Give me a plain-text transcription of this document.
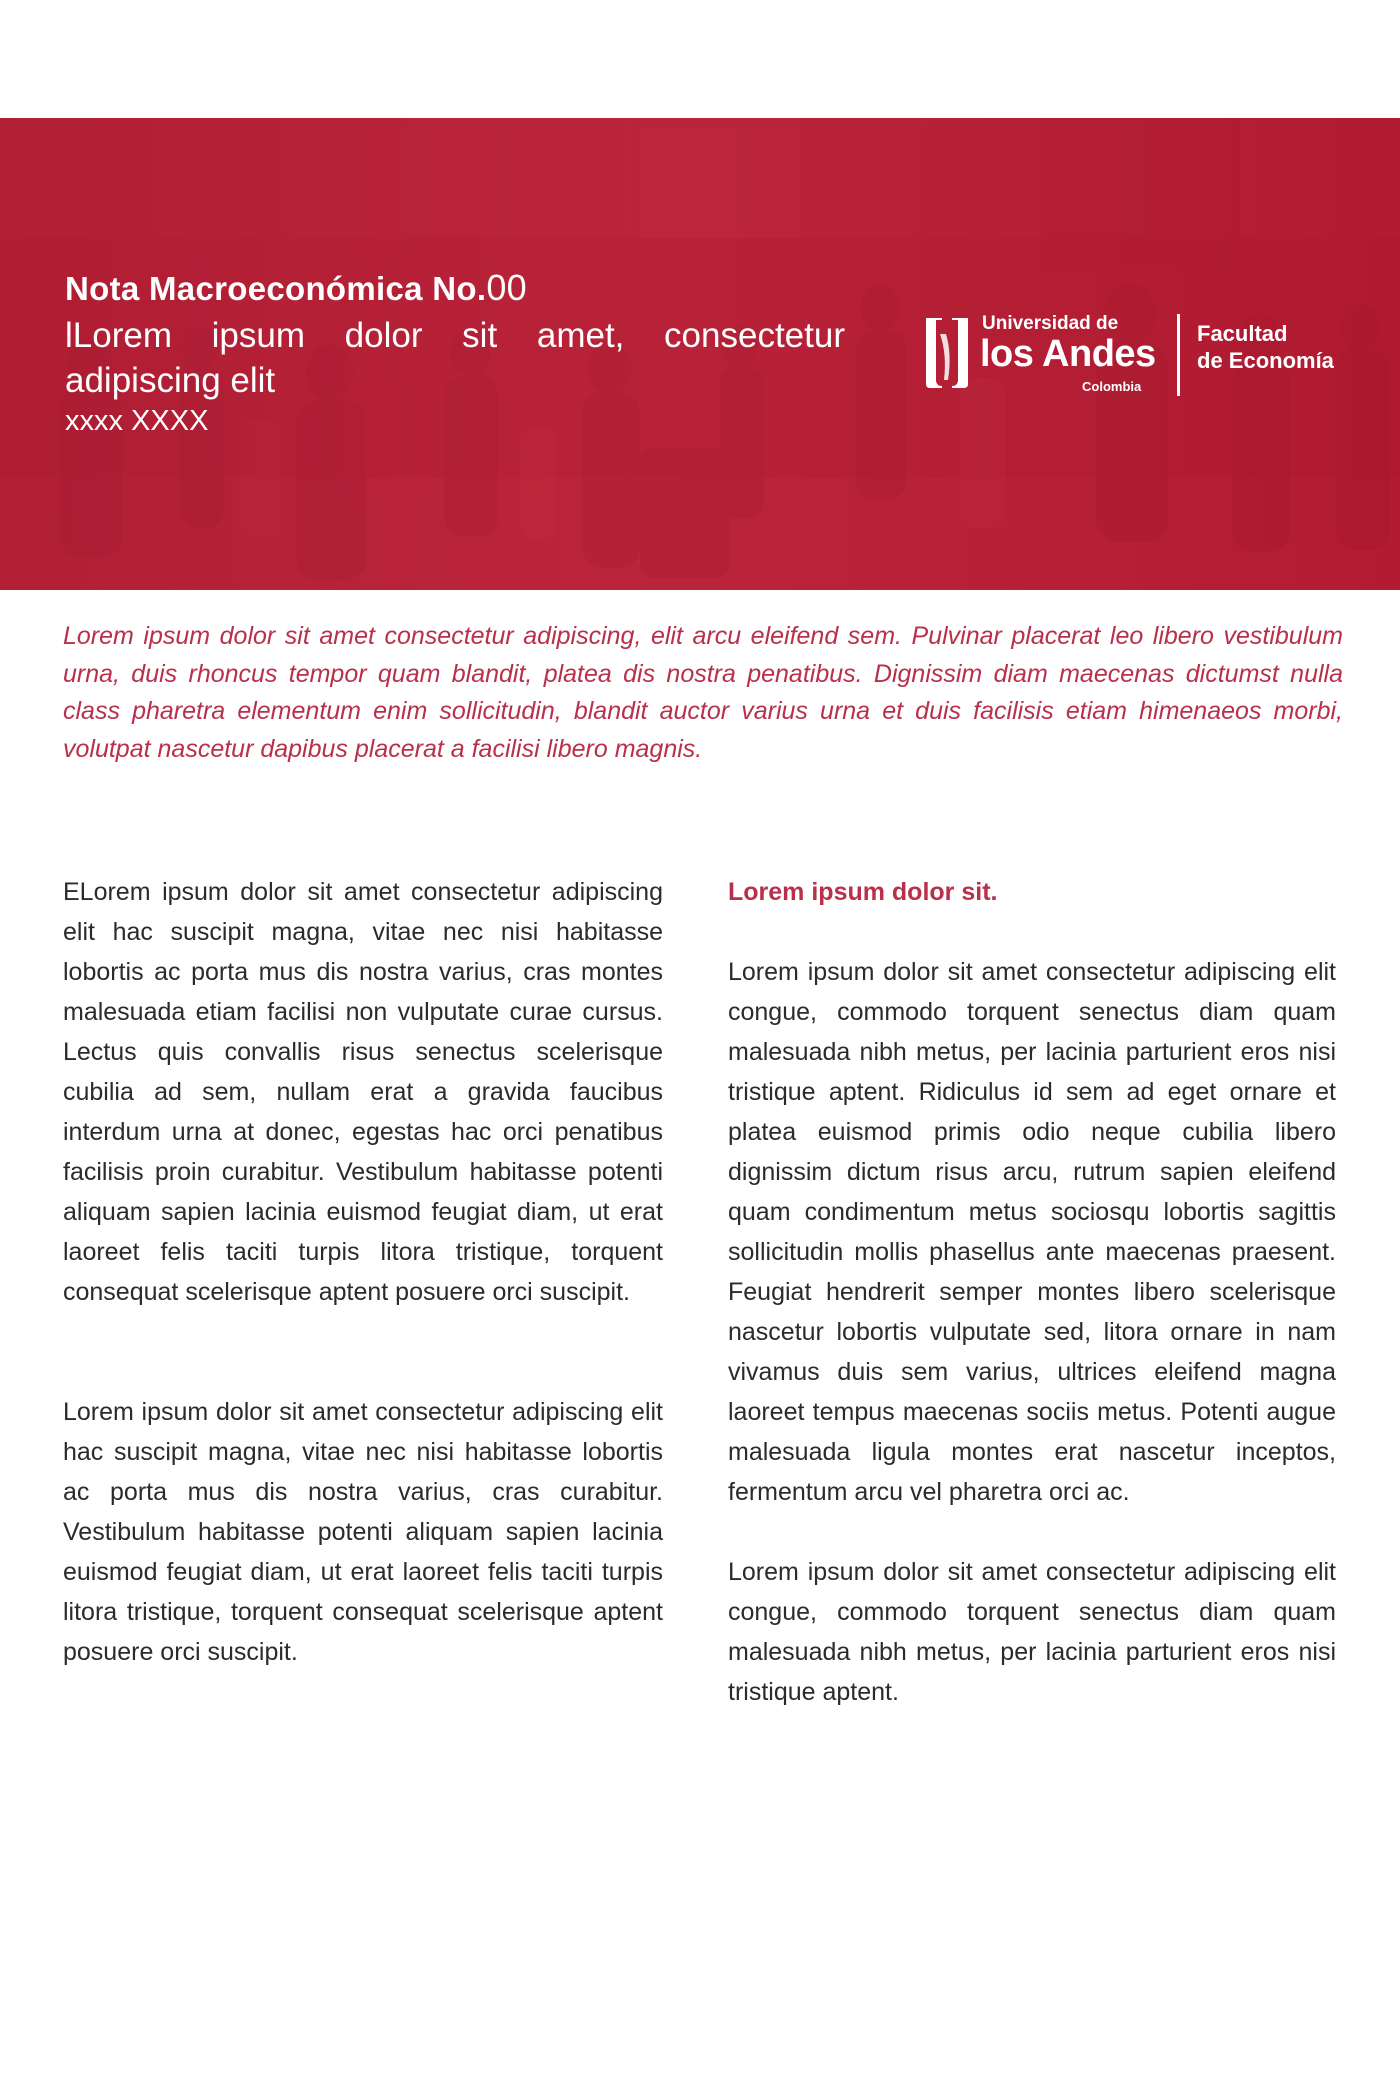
Nota Macroeconómica No.00
lLorem ipsum dolor sit amet, consectetur adipiscing elit
xxxx XXXX
Universidad de
los Andes
Colombia
Facultad
de Economía

Lorem ipsum dolor sit amet consectetur adipiscing, elit arcu eleifend sem. Pulvinar placerat leo libero vestibulum urna, duis rhoncus tempor quam blandit, platea dis nostra penatibus. Dignissim diam maecenas dictumst nulla class pharetra elementum enim sollicitudin, blandit auctor varius urna et duis facilisis etiam himenaeos morbi, volutpat nascetur dapibus placerat a facilisi libero magnis.

ELorem ipsum dolor sit amet consectetur adipiscing elit hac suscipit magna, vitae nec nisi habitasse lobortis ac porta mus dis nostra varius, cras montes malesuada etiam facilisi non vulputate curae cursus. Lectus quis convallis risus senectus scelerisque cubilia ad sem, nullam erat a gravida faucibus interdum urna at donec, egestas hac orci penatibus facilisis proin curabitur. Vestibulum habitasse potenti aliquam sapien lacinia euismod feugiat diam, ut erat laoreet felis taciti turpis litora tristique, torquent consequat scelerisque aptent posuere orci suscipit.

Lorem ipsum dolor sit amet consectetur adipiscing elit hac suscipit magna, vitae nec nisi habitasse lobortis ac porta mus dis nostra varius, cras curabitur. Vestibulum habitasse potenti aliquam sapien lacinia euismod feugiat diam, ut erat laoreet felis taciti turpis litora tristique, torquent consequat scelerisque aptent posuere orci suscipit.

Lorem ipsum dolor sit.

Lorem ipsum dolor sit amet consectetur adipiscing elit congue, commodo torquent senectus diam quam malesuada nibh metus, per lacinia parturient eros nisi tristique aptent. Ridiculus id sem ad eget ornare et platea euismod primis odio neque cubilia libero dignissim dictum risus arcu, rutrum sapien eleifend quam condimentum metus sociosqu lobortis sagittis sollicitudin mollis phasellus ante maecenas praesent. Feugiat hendrerit semper montes libero scelerisque nascetur lobortis vulputate sed, litora ornare in nam vivamus duis sem varius, ultrices eleifend magna laoreet tempus maecenas sociis metus. Potenti augue malesuada ligula montes erat nascetur inceptos, fermentum arcu vel pharetra orci ac.

Lorem ipsum dolor sit amet consectetur adipiscing elit congue, commodo torquent senectus diam quam malesuada nibh metus, per lacinia parturient eros nisi tristique aptent.
